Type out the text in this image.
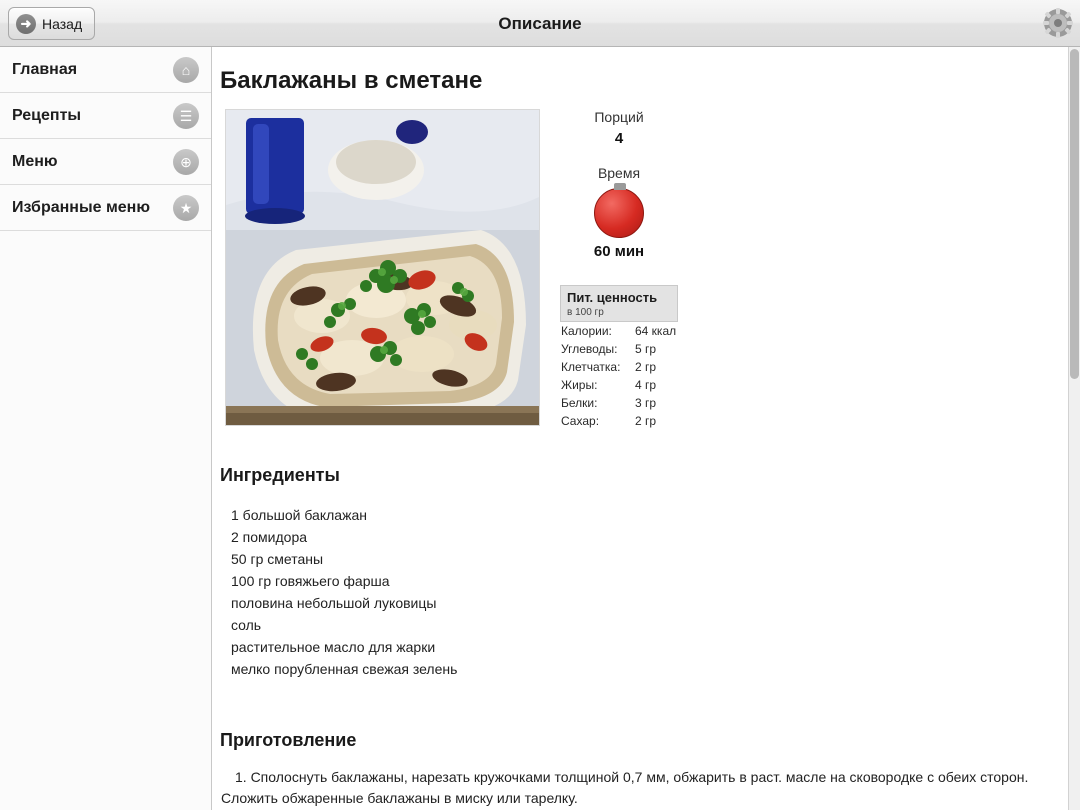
➜ Назад	Описание
Главная	⌂
Рецепты	☰
Меню	⊕
Избранные меню	★
Баклажаны в сметане
Порций
4
Время
60 мин
Пит. ценность
в 100 гр
Калории:	64 ккал
Углеводы:	5 гр
Клетчатка:	2 гр
Жиры:	4 гр
Белки:	3 гр
Сахар:	2 гр
Ингредиенты
1 большой баклажан
2 помидора
50 гр сметаны
100 гр говяжьего фарша
половина небольшой луковицы
соль
растительное масло для жарки
мелко порубленная свежая зелень
Приготовление
1. Сполоснуть баклажаны, нарезать кружочками толщиной 0,7 мм, обжарить в раст. масле на сковородке с обеих сторон. Сложить обжаренные баклажаны в миску или тарелку.
